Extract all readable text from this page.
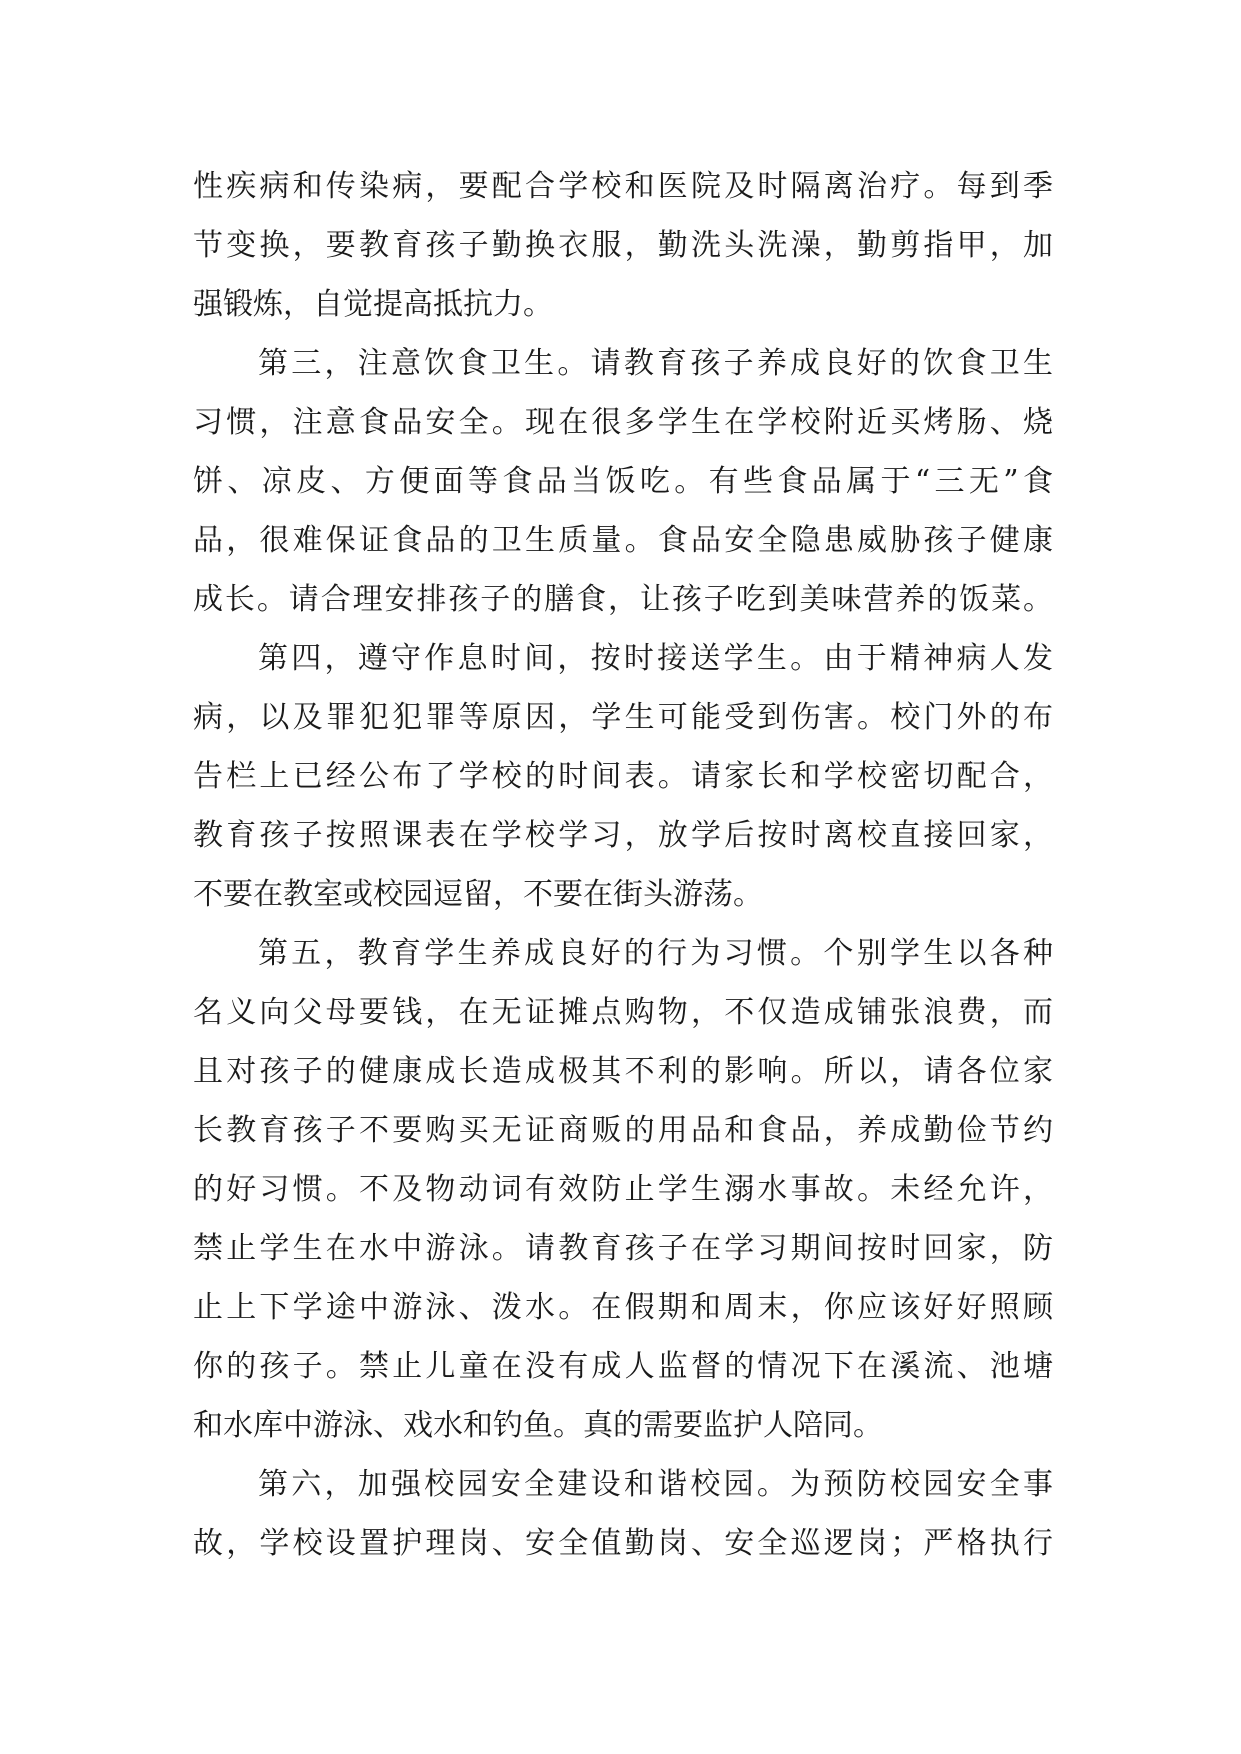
性疾病和传染病，要配合学校和医院及时隔离治疗。每到季
节变换，要教育孩子勤换衣服，勤洗头洗澡，勤剪指甲，加
强锻炼，自觉提高抵抗力。
第三，注意饮食卫生。请教育孩子养成良好的饮食卫生
习惯，注意食品安全。现在很多学生在学校附近买烤肠、烧
饼、凉皮、方便面等食品当饭吃。有些食品属于“三无”食
品，很难保证食品的卫生质量。食品安全隐患威胁孩子健康
成长。请合理安排孩子的膳食，让孩子吃到美味营养的饭菜。
第四，遵守作息时间，按时接送学生。由于精神病人发
病，以及罪犯犯罪等原因，学生可能受到伤害。校门外的布
告栏上已经公布了学校的时间表。请家长和学校密切配合，
教育孩子按照课表在学校学习，放学后按时离校直接回家，
不要在教室或校园逗留，不要在街头游荡。
第五，教育学生养成良好的行为习惯。个别学生以各种
名义向父母要钱，在无证摊点购物，不仅造成铺张浪费，而
且对孩子的健康成长造成极其不利的影响。所以，请各位家
长教育孩子不要购买无证商贩的用品和食品，养成勤俭节约
的好习惯。不及物动词有效防止学生溺水事故。未经允许，
禁止学生在水中游泳。请教育孩子在学习期间按时回家，防
止上下学途中游泳、泼水。在假期和周末，你应该好好照顾
你的孩子。禁止儿童在没有成人监督的情况下在溪流、池塘
和水库中游泳、戏水和钓鱼。真的需要监护人陪同。
第六，加强校园安全建设和谐校园。为预防校园安全事
故，学校设置护理岗、安全值勤岗、安全巡逻岗；严格执行
